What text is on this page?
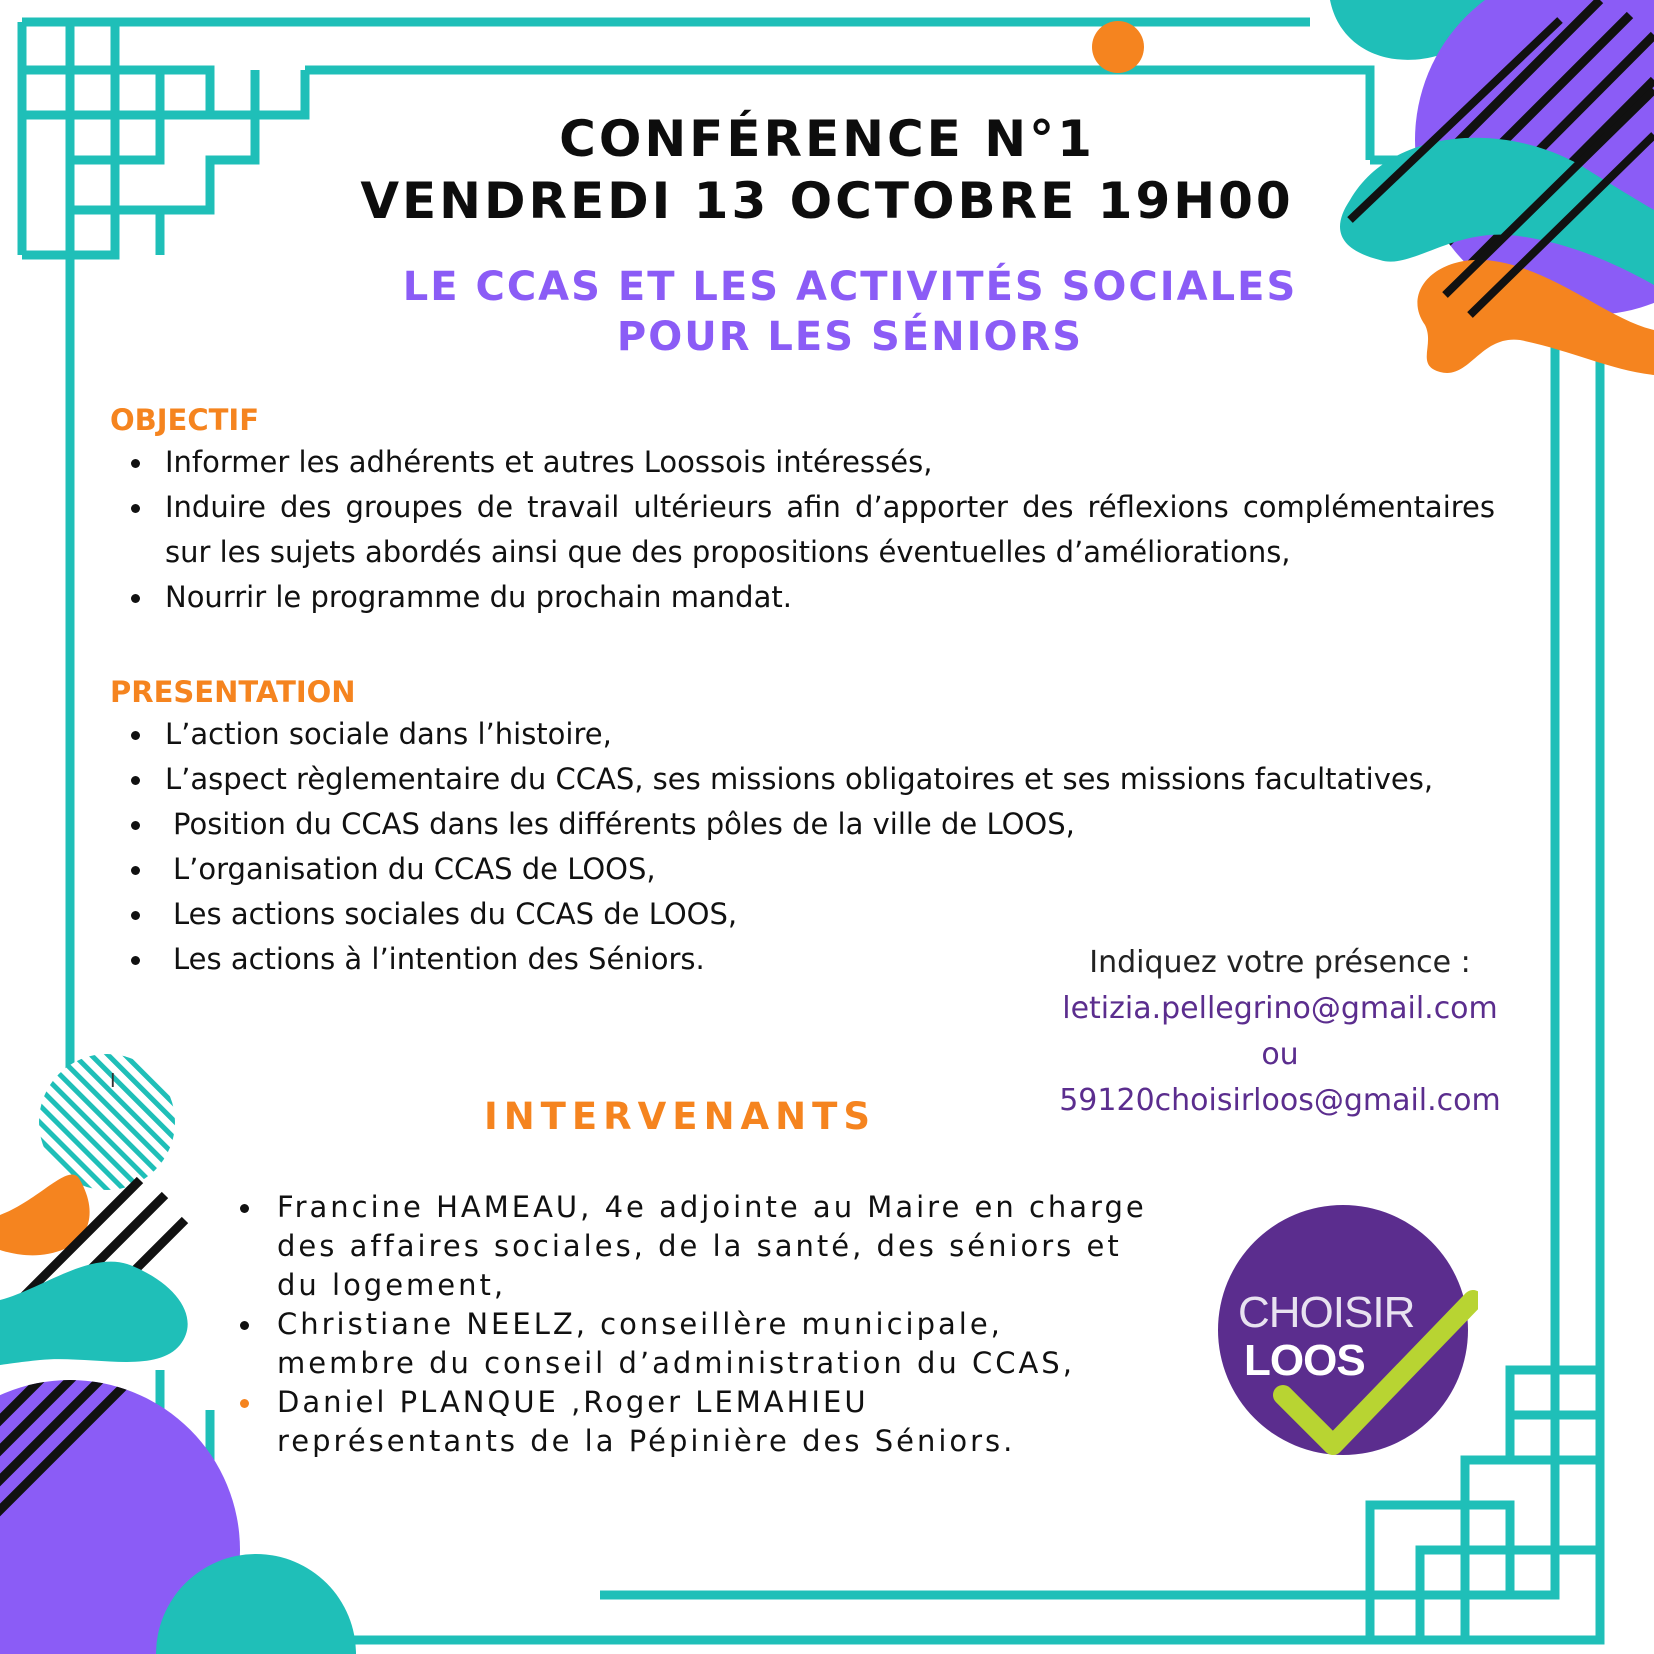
CONFÉRENCE N°1
VENDREDI 13 OCTOBRE 19H00
LE CCAS ET LES ACTIVITÉS SOCIALES
POUR LES SÉNIORS
OBJECTIF
Informer les adhérents et autres Loossois intéressés,
Induire des groupes de travail ultérieurs afin d’apporter des réflexions complémentaires sur les sujets abordés ainsi que des propositions éventuelles d’améliorations,
Nourrir le programme du prochain mandat.
PRESENTATION
L’action sociale dans l’histoire,
L’aspect règlementaire du CCAS, ses missions obligatoires et ses missions facultatives,
Position du CCAS dans les différents pôles de la ville de LOOS,
L’organisation du CCAS de LOOS,
Les actions sociales du CCAS de LOOS,
Les actions à l’intention des Séniors.
I
Indiquez votre présence :
letizia.pellegrino@gmail.com
ou
59120choisirloos@gmail.com
INTERVENANTS
Francine HAMEAU, 4e adjointe au Maire en charge des affaires sociales, de la santé, des séniors et du logement,
Christiane NEELZ, conseillère municipale, membre du conseil d’administration du CCAS,
Daniel PLANQUE ,Roger LEMAHIEU représentants de la Pépinière des Séniors.
CHOISIR
LOOS
